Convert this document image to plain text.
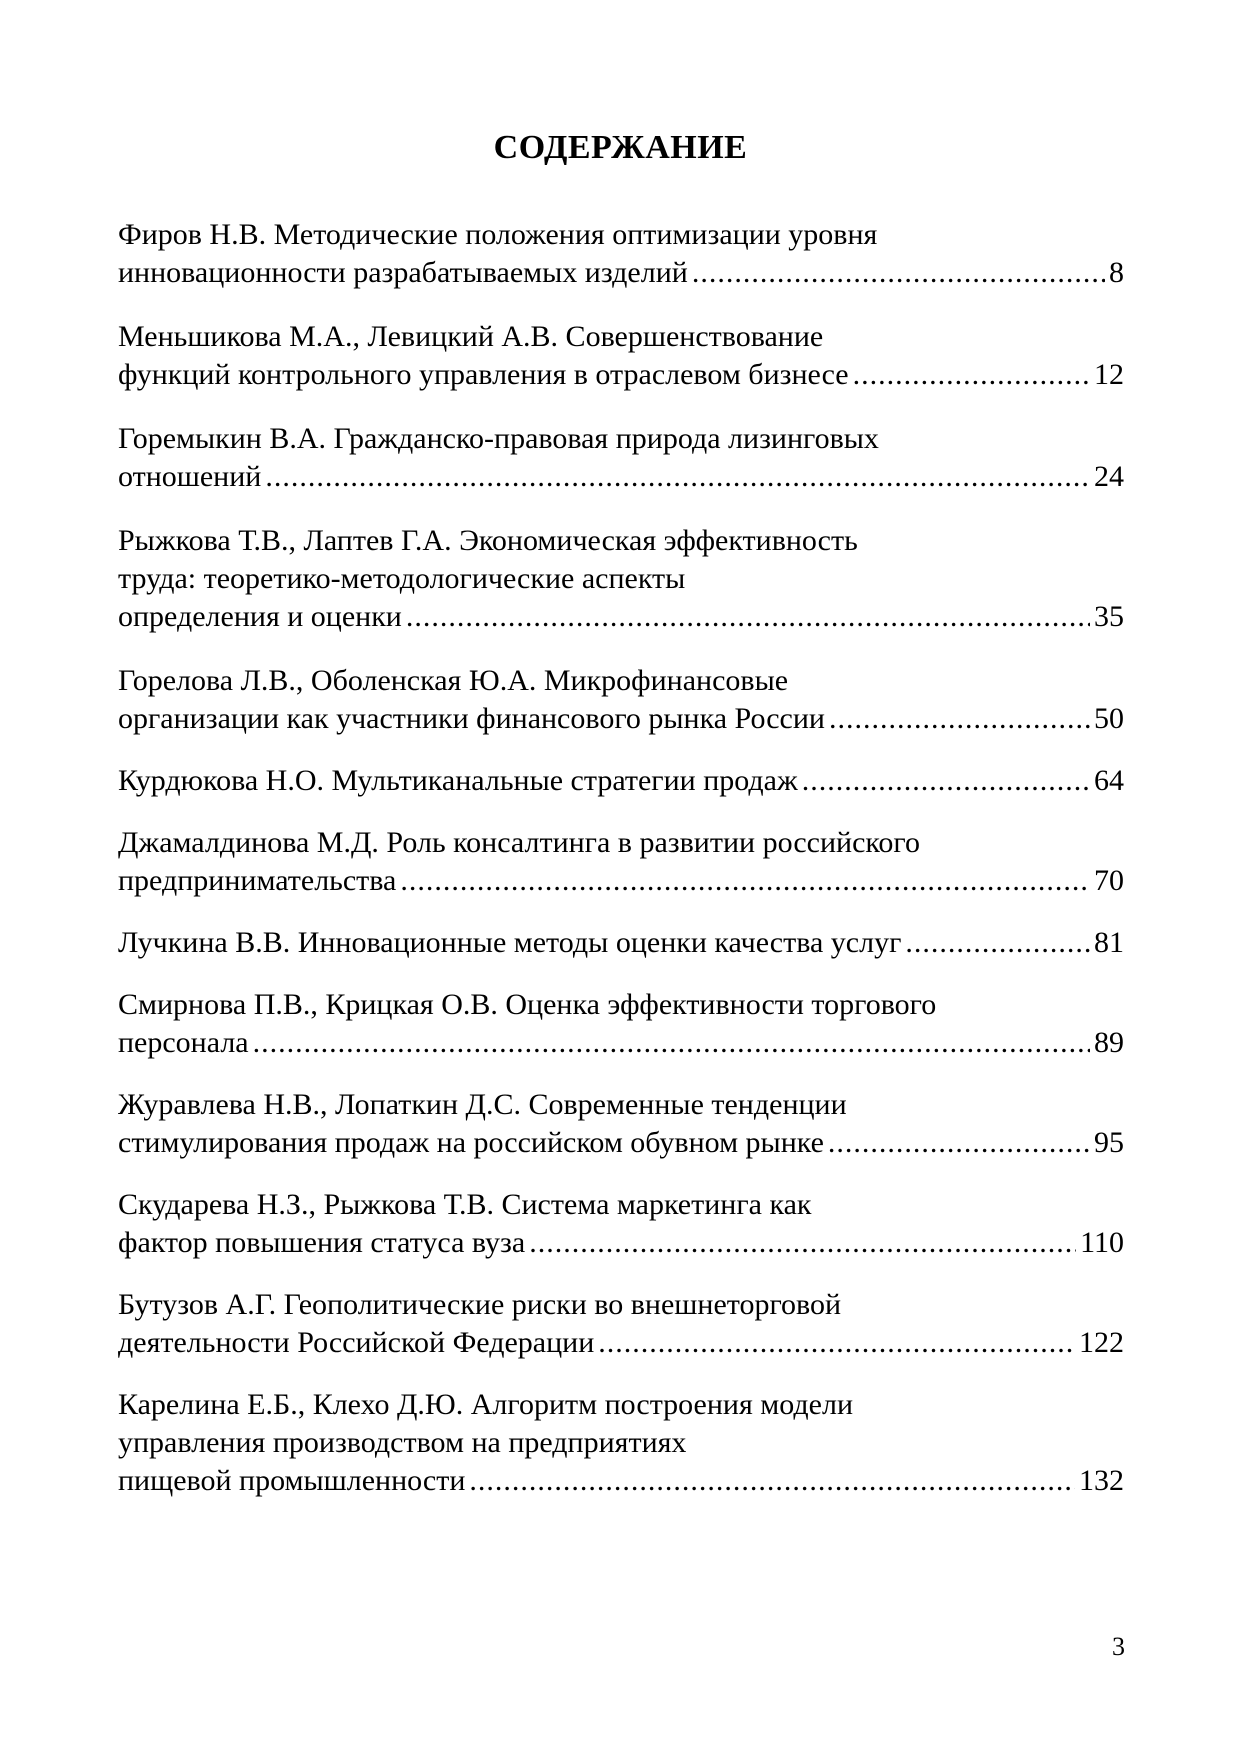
СОДЕРЖАНИЕ
Фиров Н.В. Методические положения оптимизации уровня
инновационности разрабатываемых изделий .....	8
Меньшикова М.А., Левицкий А.В. Совершенствование
функций контрольного управления в отраслевом бизнесе .....	12
Горемыкин В.А. Гражданско-правовая природа лизинговых
отношений .....	24
Рыжкова Т.В., Лаптев Г.А. Экономическая эффективность
труда: теоретико-методологические аспекты
определения и оценки .....	35
Горелова Л.В., Оболенская Ю.А. Микрофинансовые
организации как участники финансового рынка России .....	50
Курдюкова Н.О. Мультиканальные стратегии продаж .....	64
Джамалдинова М.Д. Роль консалтинга в развитии российского
предпринимательства .....	70
Лучкина В.В. Инновационные методы оценки качества услуг .....	81
Смирнова П.В., Крицкая О.В. Оценка эффективности торгового
персонала .....	89
Журавлева Н.В., Лопаткин Д.С. Современные тенденции
стимулирования продаж на российском обувном рынке .....	95
Скударева Н.З., Рыжкова Т.В. Система маркетинга как
фактор повышения статуса вуза .....	110
Бутузов А.Г. Геополитические риски во внешнеторговой
деятельности Российской Федерации .....	122
Карелина Е.Б., Клехо Д.Ю. Алгоритм построения модели
управления производством на предприятиях
пищевой промышленности .....	132
3
